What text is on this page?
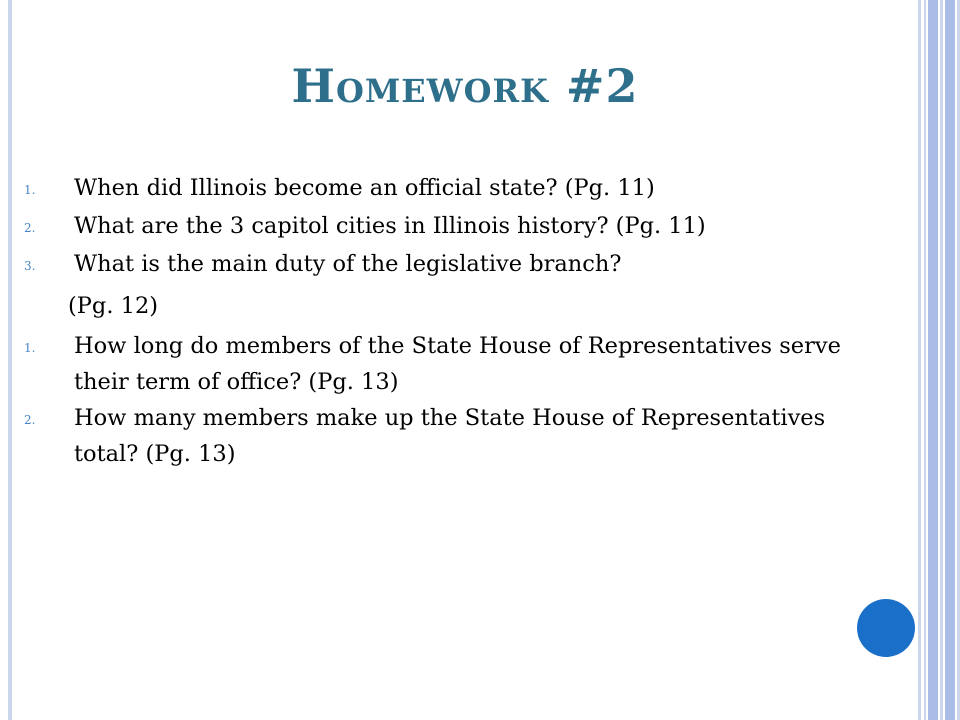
Homework #2
1.	When did Illinois become an official state? (Pg. 11)
2.	What are the 3 capitol cities in Illinois history? (Pg. 11)
3.	What is the main duty of the legislative branch?
(Pg. 12)
1.	How long do members of the State House of Representatives serve their term of office? (Pg. 13)
2.	How many members make up the State House of Representatives total? (Pg. 13)
